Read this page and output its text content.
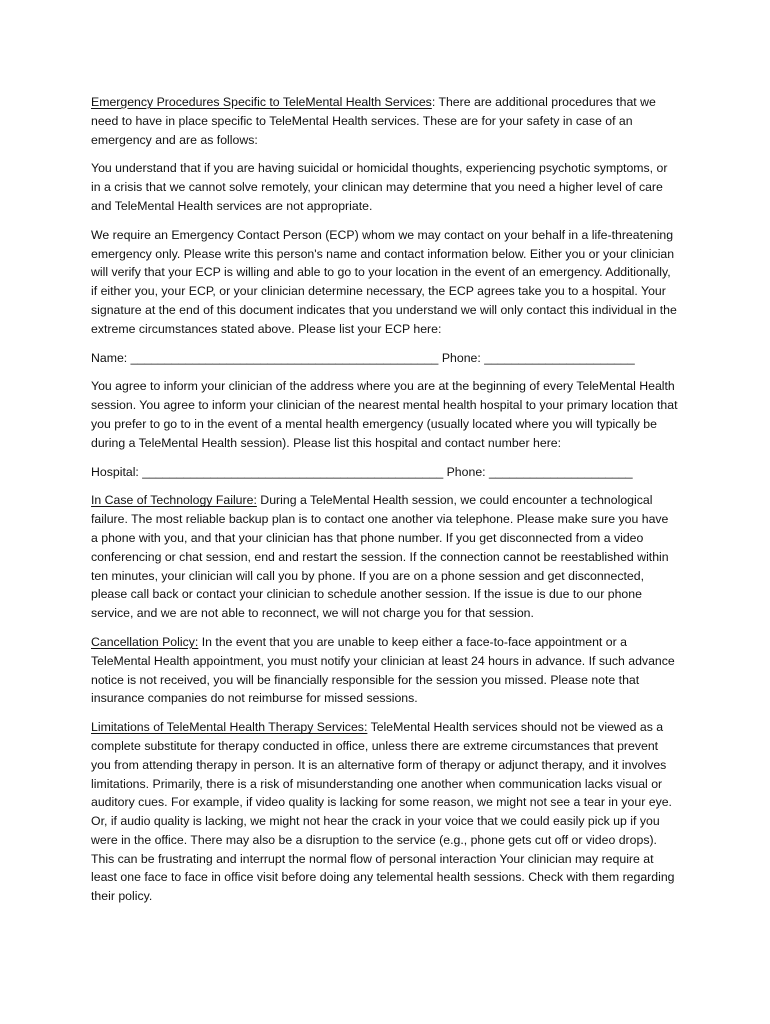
Emergency Procedures Specific to TeleMental Health Services: There are additional procedures that we need to have in place specific to TeleMental Health services. These are for your safety in case of an emergency and are as follows:

You understand that if you are having suicidal or homicidal thoughts, experiencing psychotic symptoms, or in a crisis that we cannot solve remotely, your clinican may determine that you need a higher level of care and TeleMental Health services are not appropriate.

We require an Emergency Contact Person (ECP) whom we may contact on your behalf in a life-threatening emergency only. Please write this person's name and contact information below. Either you or your clinician will verify that your ECP is willing and able to go to your location in the event of an emergency. Additionally, if either you, your ECP, or your clinician determine necessary, the ECP agrees take you to a hospital. Your signature at the end of this document indicates that you understand we will only contact this individual in the extreme circumstances stated above. Please list your ECP here:

Name: _____________________________________________ Phone: ______________________

You agree to inform your clinician of the address where you are at the beginning of every TeleMental Health session. You agree to inform your clinician of the nearest mental health hospital to your primary location that you prefer to go to in the event of a mental health emergency (usually located where you will typically be during a TeleMental Health session). Please list this hospital and contact number here:

Hospital: ____________________________________________ Phone: _____________________

In Case of Technology Failure: During a TeleMental Health session, we could encounter a technological failure. The most reliable backup plan is to contact one another via telephone. Please make sure you have a phone with you, and that your clinician has that phone number. If you get disconnected from a video conferencing or chat session, end and restart the session. If the connection cannot be reestablished within ten minutes, your clinician will call you by phone. If you are on a phone session and get disconnected, please call back or contact your clinician to schedule another session. If the issue is due to our phone service, and we are not able to reconnect, we will not charge you for that session.

Cancellation Policy: In the event that you are unable to keep either a face-to-face appointment or a TeleMental Health appointment, you must notify your clinician at least 24 hours in advance. If such advance notice is not received, you will be financially responsible for the session you missed. Please note that insurance companies do not reimburse for missed sessions.

Limitations of TeleMental Health Therapy Services: TeleMental Health services should not be viewed as a complete substitute for therapy conducted in office, unless there are extreme circumstances that prevent you from attending therapy in person. It is an alternative form of therapy or adjunct therapy, and it involves limitations. Primarily, there is a risk of misunderstanding one another when communication lacks visual or auditory cues. For example, if video quality is lacking for some reason, we might not see a tear in your eye. Or, if audio quality is lacking, we might not hear the crack in your voice that we could easily pick up if you were in the office. There may also be a disruption to the service (e.g., phone gets cut off or video drops). This can be frustrating and interrupt the normal flow of personal interaction Your clinician may require at least one face to face in office visit before doing any telemental health sessions. Check with them regarding their policy.
